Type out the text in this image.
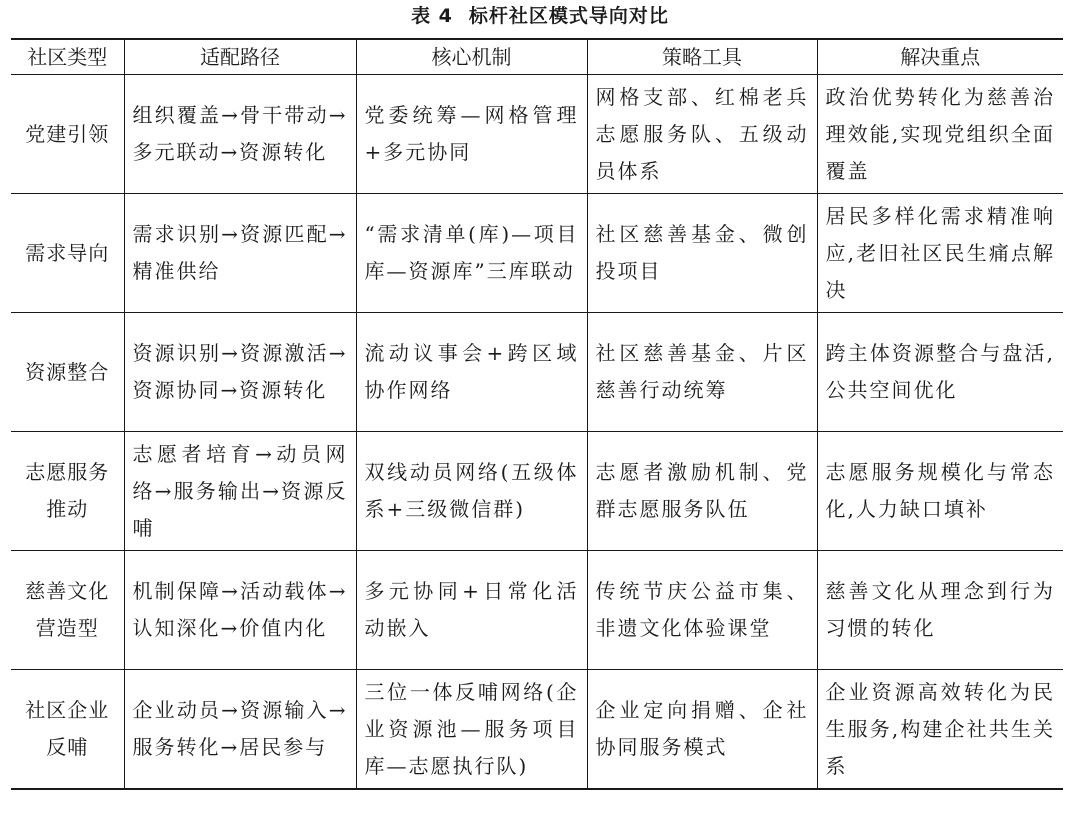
表 4 标杆社区模式导向对比
社区类型	适配路径	核心机制	策略工具	解决重点
党建引领	组织覆盖→骨干带动→多元联动→资源转化	党委统筹—网格管理+多元协同	网格支部、红棉老兵志愿服务队、五级动员体系	政治优势转化为慈善治理效能,实现党组织全面覆盖
需求导向	需求识别→资源匹配→精准供给	“需求清单(库)—项目库—资源库”三库联动	社区慈善基金、微创投项目	居民多样化需求精准响应,老旧社区民生痛点解决
资源整合	资源识别→资源激活→资源协同→资源转化	流动议事会+跨区域协作网络	社区慈善基金、片区慈善行动统筹	跨主体资源整合与盘活,公共空间优化
志愿服务推动	志愿者培育→动员网络→服务输出→资源反哺	双线动员网络(五级体系+三级微信群)	志愿者激励机制、党群志愿服务队伍	志愿服务规模化与常态化,人力缺口填补
慈善文化营造型	机制保障→活动载体→认知深化→价值内化	多元协同+日常化活动嵌入	传统节庆公益市集、非遗文化体验课堂	慈善文化从理念到行为习惯的转化
社区企业反哺	企业动员→资源输入→服务转化→居民参与	三位一体反哺网络(企业资源池—服务项目库—志愿执行队)	企业定向捐赠、企社协同服务模式	企业资源高效转化为民生服务,构建企社共生关系
